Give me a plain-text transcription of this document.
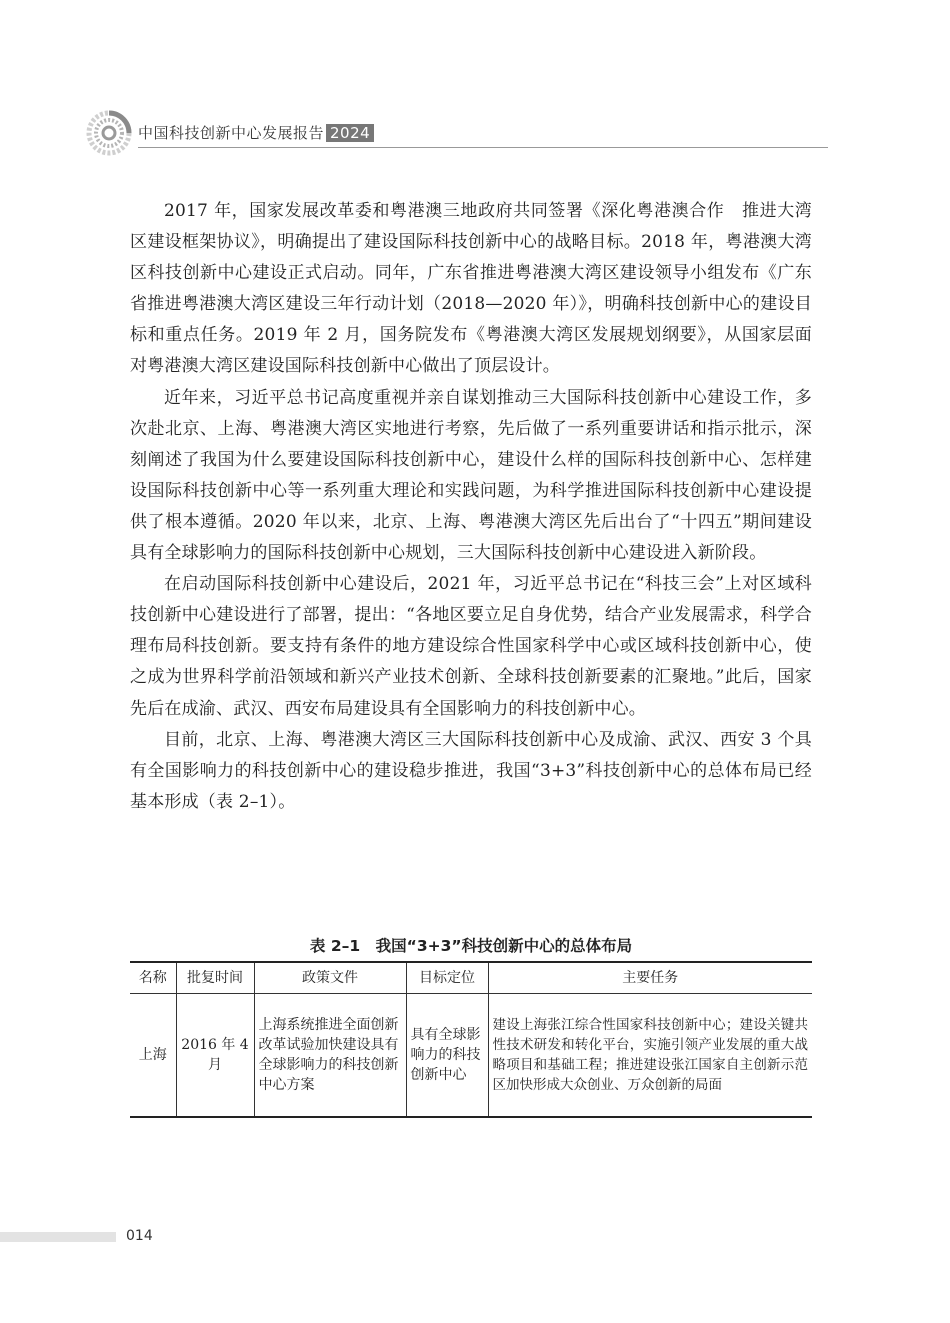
中国科技创新中心发展报告 2024

2017 年，国家发展改革委和粤港澳三地政府共同签署《深化粤港澳合作　推进大湾区建设框架协议》，明确提出了建设国际科技创新中心的战略目标。2018 年，粤港澳大湾区科技创新中心建设正式启动。同年，广东省推进粤港澳大湾区建设领导小组发布《广东省推进粤港澳大湾区建设三年行动计划（2018—2020 年）》，明确科技创新中心的建设目标和重点任务。2019 年 2 月，国务院发布《粤港澳大湾区发展规划纲要》，从国家层面对粤港澳大湾区建设国际科技创新中心做出了顶层设计。

近年来，习近平总书记高度重视并亲自谋划推动三大国际科技创新中心建设工作，多次赴北京、上海、粤港澳大湾区实地进行考察，先后做了一系列重要讲话和指示批示，深刻阐述了我国为什么要建设国际科技创新中心，建设什么样的国际科技创新中心、怎样建设国际科技创新中心等一系列重大理论和实践问题，为科学推进国际科技创新中心建设提供了根本遵循。2020 年以来，北京、上海、粤港澳大湾区先后出台了“十四五”期间建设具有全球影响力的国际科技创新中心规划，三大国际科技创新中心建设进入新阶段。

在启动国际科技创新中心建设后，2021 年，习近平总书记在“科技三会”上对区域科技创新中心建设进行了部署，提出：“各地区要立足自身优势，结合产业发展需求，科学合理布局科技创新。要支持有条件的地方建设综合性国家科学中心或区域科技创新中心，使之成为世界科学前沿领域和新兴产业技术创新、全球科技创新要素的汇聚地。”此后，国家先后在成渝、武汉、西安布局建设具有全国影响力的科技创新中心。

目前，北京、上海、粤港澳大湾区三大国际科技创新中心及成渝、武汉、西安 3 个具有全国影响力的科技创新中心的建设稳步推进，我国“3+3”科技创新中心的总体布局已经基本形成（表 2–1）。

表 2–1　我国“3+3”科技创新中心的总体布局
名称	批复时间	政策文件	目标定位	主要任务
上海	2016 年 4 月	上海系统推进全面创新改革试验加快建设具有全球影响力的科技创新中心方案	具有全球影响力的科技创新中心	建设上海张江综合性国家科技创新中心；建设关键共性技术研发和转化平台，实施引领产业发展的重大战略项目和基础工程；推进建设张江国家自主创新示范区加快形成大众创业、万众创新的局面
014
